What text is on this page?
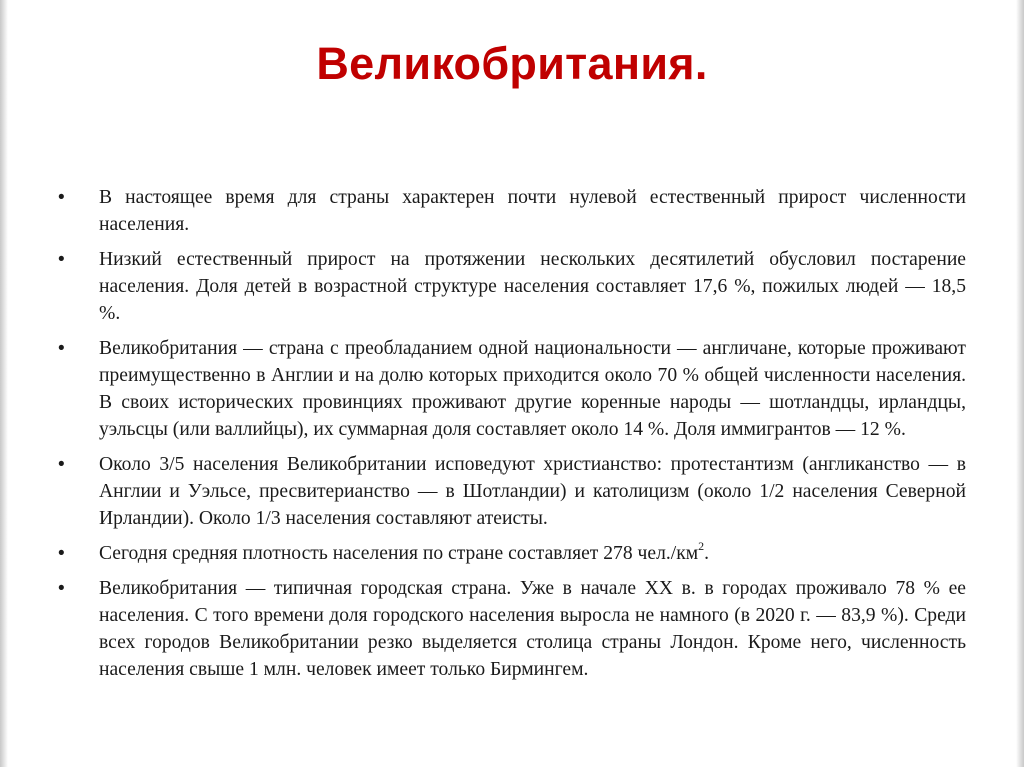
Великобритания.
• В настоящее время для страны характерен почти нулевой естественный прирост численности населения.
• Низкий естественный прирост на протяжении нескольких десятилетий обусловил постарение населения. Доля детей в возрастной структуре населения составляет 17,6 %, пожилых людей — 18,5 %.
• Великобритания — страна с преобладанием одной национальности — англичане, которые проживают преимущественно в Англии и на долю которых приходится около 70 % общей численности населения. В своих исторических провинциях проживают другие коренные народы — шотландцы, ирландцы, уэльсцы (или валлийцы), их суммарная доля составляет около 14 %. Доля иммигрантов — 12 %.
• Около 3/5 населения Великобритании исповедуют христианство: протестантизм (англиканство — в Англии и Уэльсе, пресвитерианство — в Шотландии) и католицизм (около 1/2 населения Северной Ирландии). Около 1/3 населения составляют атеисты.
• Сегодня средняя плотность населения по стране составляет 278 $чел./км^2$.
• Великобритания — типичная городская страна. Уже в начале XX в. в городах проживало 78 % ее населения. С того времени доля городского населения выросла не намного (в 2020 г. — 83,9 %). Среди всех городов Великобритании резко выделяется столица страны Лондон. Кроме него, численность населения свыше 1 млн. человек имеет только Бирмингем.
